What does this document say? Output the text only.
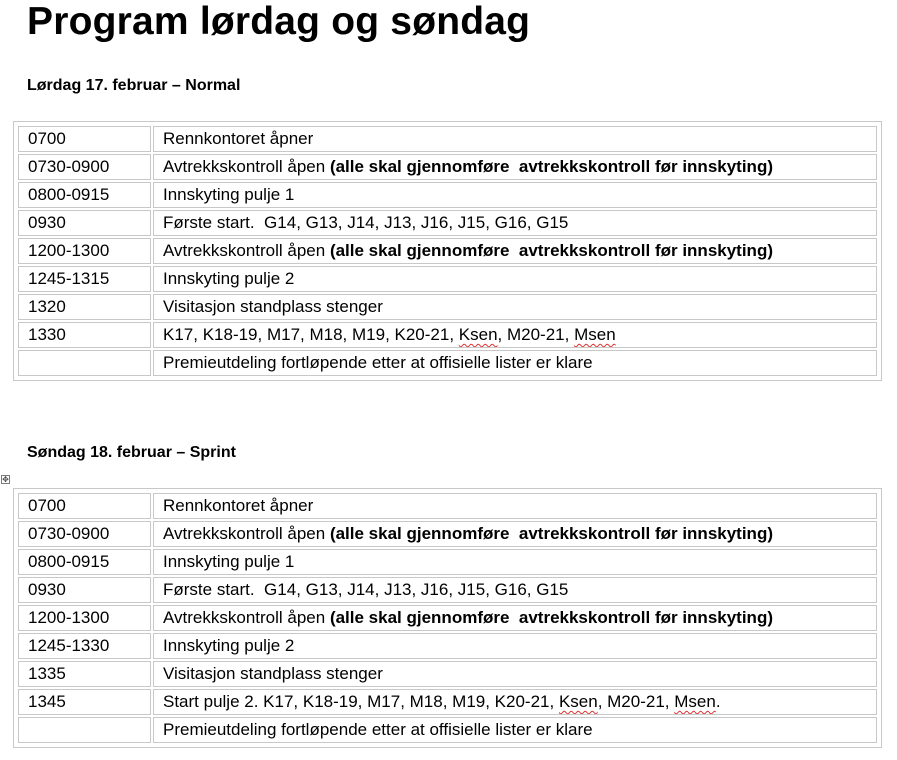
Program lørdag og søndag
Lørdag 17. februar – Normal
0700	Rennkontoret åpner
0730-0900	Avtrekkskontroll åpen (alle skal gjennomføre  avtrekkskontroll før innskyting)
0800-0915	Innskyting pulje 1
0930	Første start.  G14, G13, J14, J13, J16, J15, G16, G15
1200-1300	Avtrekkskontroll åpen (alle skal gjennomføre  avtrekkskontroll før innskyting)
1245-1315	Innskyting pulje 2
1320	Visitasjon standplass stenger
1330	K17, K18-19, M17, M18, M19, K20-21, Ksen, M20-21, Msen
	Premieutdeling fortløpende etter at offisielle lister er klare
Søndag 18. februar – Sprint
✥
0700	Rennkontoret åpner
0730-0900	Avtrekkskontroll åpen (alle skal gjennomføre  avtrekkskontroll før innskyting)
0800-0915	Innskyting pulje 1
0930	Første start.  G14, G13, J14, J13, J16, J15, G16, G15
1200-1300	Avtrekkskontroll åpen (alle skal gjennomføre  avtrekkskontroll før innskyting)
1245-1330	Innskyting pulje 2
1335	Visitasjon standplass stenger
1345	Start pulje 2. K17, K18-19, M17, M18, M19, K20-21, Ksen, M20-21, Msen.
	Premieutdeling fortløpende etter at offisielle lister er klare
